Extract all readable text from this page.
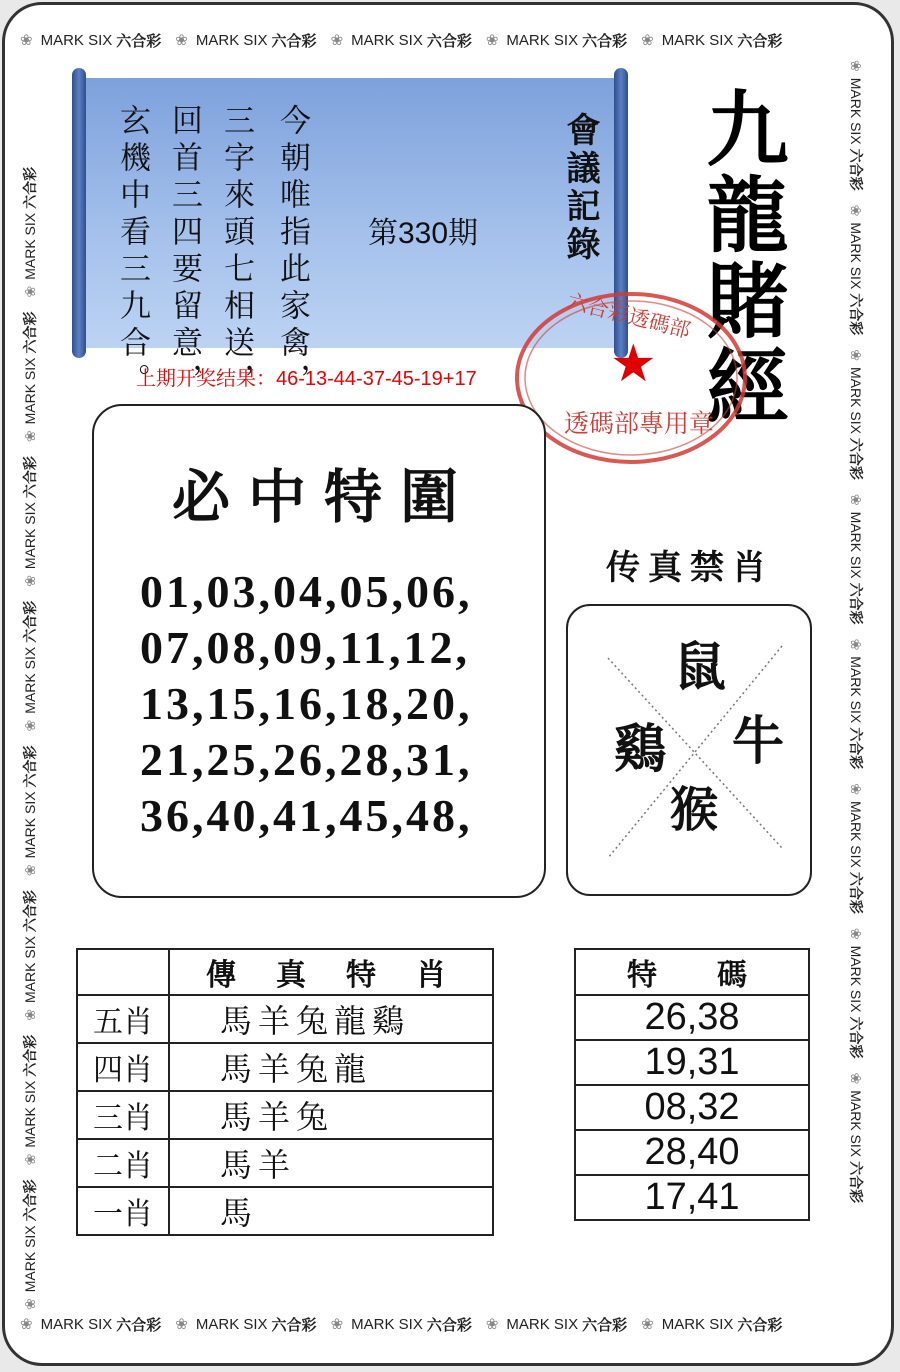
❀ MARK SIX 六合彩 ❀ MARK SIX 六合彩 ❀ MARK SIX 六合彩 ❀ MARK SIX 六合彩 ❀ MARK SIX 六合彩
❀ MARK SIX 六合彩 ❀ MARK SIX 六合彩 ❀ MARK SIX 六合彩 ❀ MARK SIX 六合彩 ❀ MARK SIX 六合彩
❀
MARK SIX
六合彩
❀
MARK SIX
六合彩
❀
MARK SIX
六合彩
❀
MARK SIX
六合彩
❀
MARK SIX
六合彩
❀
MARK SIX
六合彩
❀
MARK SIX
六合彩
❀
MARK SIX
六合彩
❀
MARK SIX
六合彩
❀
MARK SIX
六合彩
❀
MARK SIX
六合彩
❀
MARK SIX
六合彩
❀
MARK SIX
六合彩
❀
MARK SIX
六合彩
❀
MARK SIX
六合彩
❀
MARK SIX
六合彩
今朝唯指此家禽，
三字來頭七相送，
回首三四要留意，
玄機中看三九合。	第330期 會議記錄 九龍賭經
六合彩透碼部
★
透碼部專用章
上期开奖结果：46-13-44-37-45-19+17
必中特圍
01,03,04,05,06,
07,08,09,11,12,
13,15,16,18,20,
21,25,26,28,31,
36,40,41,45,48,
传真禁肖
鼠
牛
鷄
猴
	傳真特肖
五肖	馬羊兔龍鷄
四肖	馬羊兔龍
三肖	馬羊兔
二肖	馬羊
一肖	馬
特碼
26,38
19,31
08,32
28,40
17,41
